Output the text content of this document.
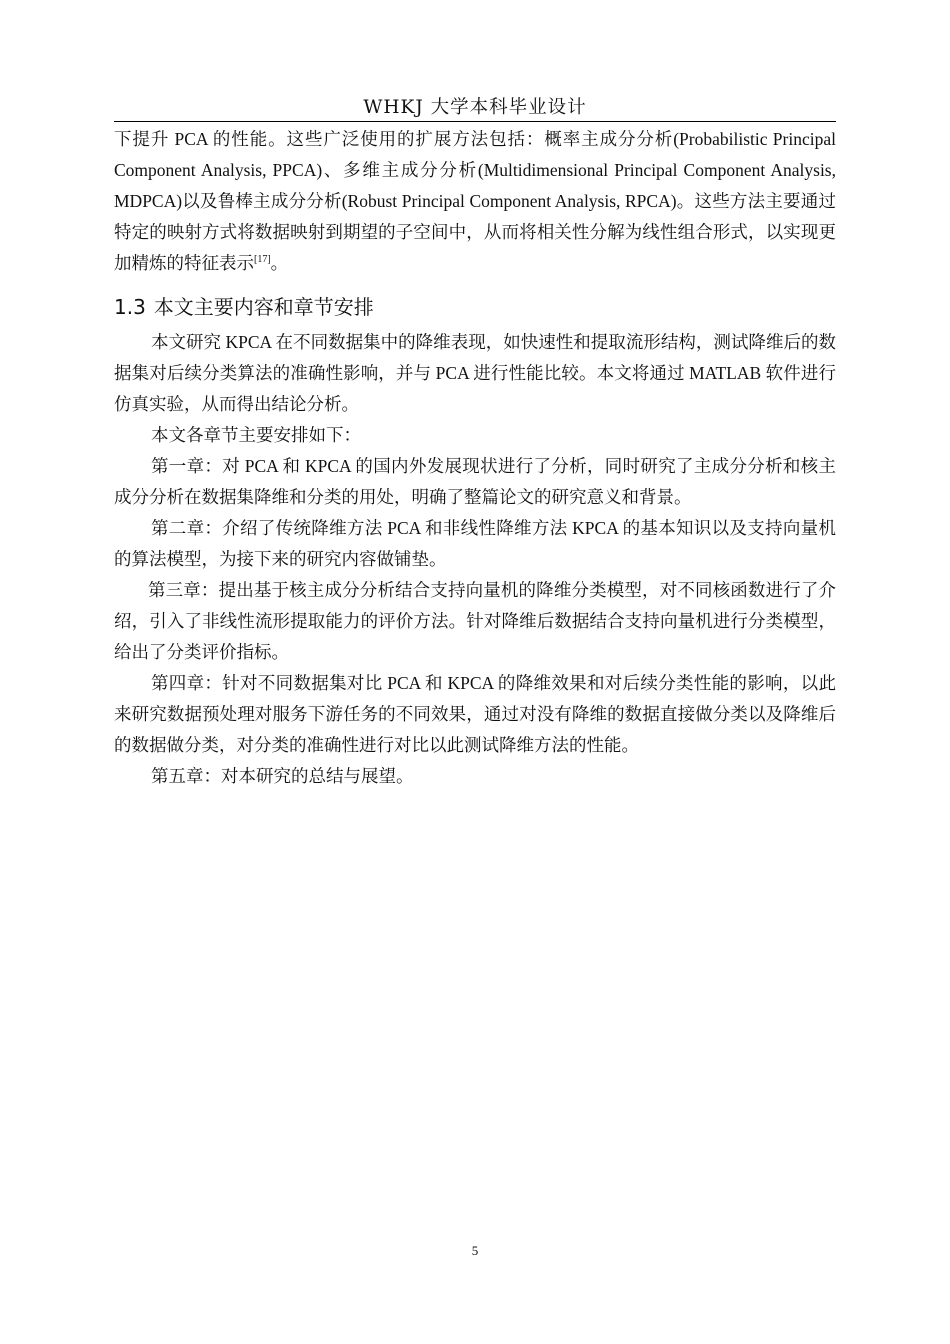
WHKJ 大学本科毕业设计

下提升 PCA 的性能。这些广泛使用的扩展方法包括：概率主成分分析(Probabilistic Principal Component Analysis, PPCA)、多维主成分分析(Multidimensional Principal Component Analysis, MDPCA)以及鲁棒主成分分析(Robust Principal Component Analysis, RPCA)。这些方法主要通过特定的映射方式将数据映射到期望的子空间中，从而将相关性分解为线性组合形式，以实现更加精炼的特征表示[17]。

1.3 本文主要内容和章节安排

本文研究 KPCA 在不同数据集中的降维表现，如快速性和提取流形结构，测试降维后的数据集对后续分类算法的准确性影响，并与 PCA 进行性能比较。本文将通过 MATLAB 软件进行仿真实验，从而得出结论分析。

本文各章节主要安排如下：

第一章：对 PCA 和 KPCA 的国内外发展现状进行了分析，同时研究了主成分分析和核主成分分析在数据集降维和分类的用处，明确了整篇论文的研究意义和背景。

第二章：介绍了传统降维方法 PCA 和非线性降维方法 KPCA 的基本知识以及支持向量机的算法模型，为接下来的研究内容做铺垫。

第三章：提出基于核主成分分析结合支持向量机的降维分类模型，对不同核函数进行了介绍，引入了非线性流形提取能力的评价方法。针对降维后数据结合支持向量机进行分类模型，给出了分类评价指标。

第四章：针对不同数据集对比 PCA 和 KPCA 的降维效果和对后续分类性能的影响，以此来研究数据预处理对服务下游任务的不同效果，通过对没有降维的数据直接做分类以及降维后的数据做分类，对分类的准确性进行对比以此测试降维方法的性能。

第五章：对本研究的总结与展望。

5
